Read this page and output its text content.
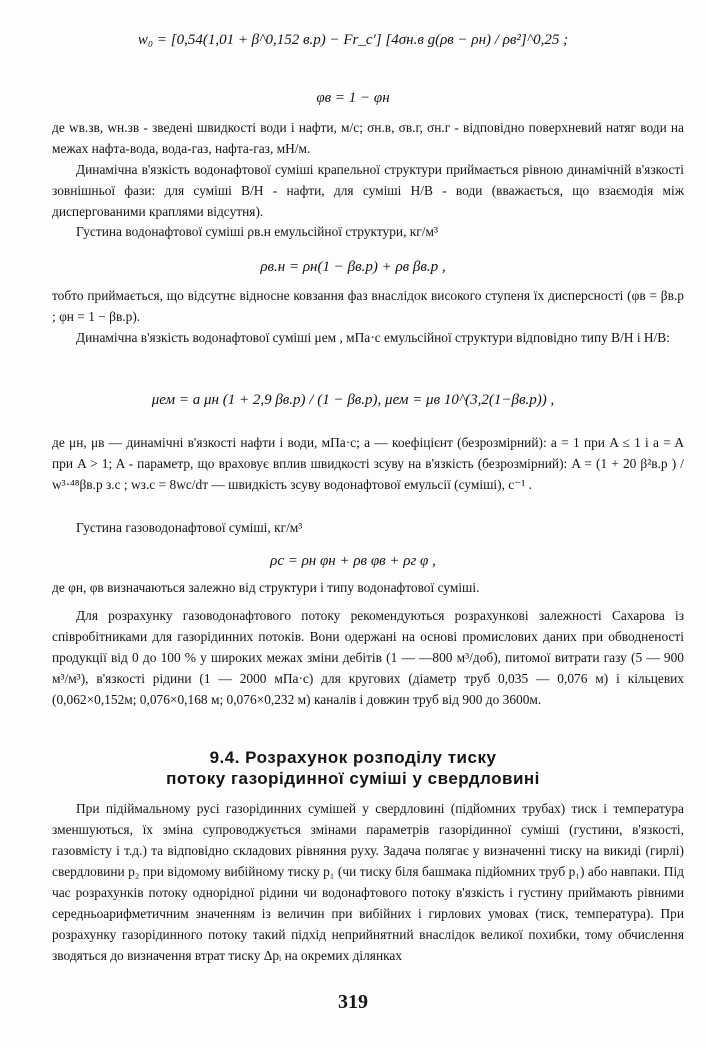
w₀ = [0,54(1,01 + β^0,152 в.р) − Fr_c′] [4σн.в g(ρв − ρн) / ρв²]^0,25 ;
φв = 1 − φн
де wв.зв, wн.зв - зведені швидкості води і нафти, м/с; σн.в, σв.г, σн.г - відповідно поверхневий натяг води на межах нафта-вода, вода-газ, нафта-газ, мН/м.
Динамічна в'язкість водонафтової суміші крапельної структури приймається рівною динамічній в'язкості зовнішньої фази: для суміші В/Н - нафти, для суміші Н/В - води (вважається, що взаємодія між диспергованими краплями відсутня).
Густина водонафтової суміші ρв.н емульсійної структури, кг/м³
ρв.н = ρн(1 − βв.р) + ρв βв.р ,
тобто приймається, що відсутнє відносне ковзання фаз внаслідок високого ступеня їх дисперсності (φв = βв.р ; φн = 1 − βв.р).
Динамічна в'язкість водонафтової суміші μем , мПа·с емульсійної структури відповідно типу В/Н і Н/В:
μем = a μн (1 + 2,9 βв.р) / (1 − βв.р), μем = μв 10^(3,2(1−βв.р)) ,
де μн, μв — динамічні в'язкості нафти і води, мПа·с; a — коефіцієнт (безрозмірний): a = 1 при A ≤ 1 і a = A при A > 1; A - параметр, що враховує вплив швидкості зсуву на в'язкість (безрозмірний): A = (1 + 20 β²в.р ) / w³·⁴⁸βв.р з.с ; wз.с = 8wс/dт — швидкість зсуву водонафтової емульсії (суміші), с⁻¹ .
Густина газоводонафтової суміші, кг/м³
ρc = ρн φн + ρв φв + ρг φ ,
де φн, φв визначаються залежно від структури і типу водонафтової суміші.
Для розрахунку газоводонафтового потоку рекомендуються розрахункові залежності Сахарова із співробітниками для газорідинних потоків. Вони одержані на основі промислових даних при обводненості продукції від 0 до 100 % у широких межах зміни дебітів (1 — —800 м³/доб), питомої витрати газу (5 — 900 м³/м³), в'язкості рідини (1 — 2000 мПа·с) для кругових (діаметр труб 0,035 — 0,076 м) і кільцевих (0,062×0,152м; 0,076×0,168 м; 0,076×0,232 м) каналів і довжин труб від 900 до 3600м.
9.4. Розрахунок розподілу тиску
потоку газорідинної суміші у свердловині
При підіймальному русі газорідинних сумішей у свердловині (підйомних трубах) тиск і температура зменшуються, їх зміна супроводжується змінами параметрів газорідинної суміші (густини, в'язкості, газовмісту і т.д.) та відповідно складових рівняння руху. Задача полягає у визначенні тиску на викиді (гирлі) свердловини p₂ при відомому вибійному тиску p₁ (чи тиску біля башмака підйомних труб p₁) або навпаки. Під час розрахунків потоку однорідної рідини чи водонафтового потоку в'язкість і густину приймають рівними середньоарифметичним значенням із величин при вибійних і гирлових умовах (тиск, температура). При розрахунку газорідинного потоку такий підхід неприйнятний внаслідок великої похибки, тому обчислення зводяться до визначення втрат тиску Δpᵢ на окремих ділянках
319
